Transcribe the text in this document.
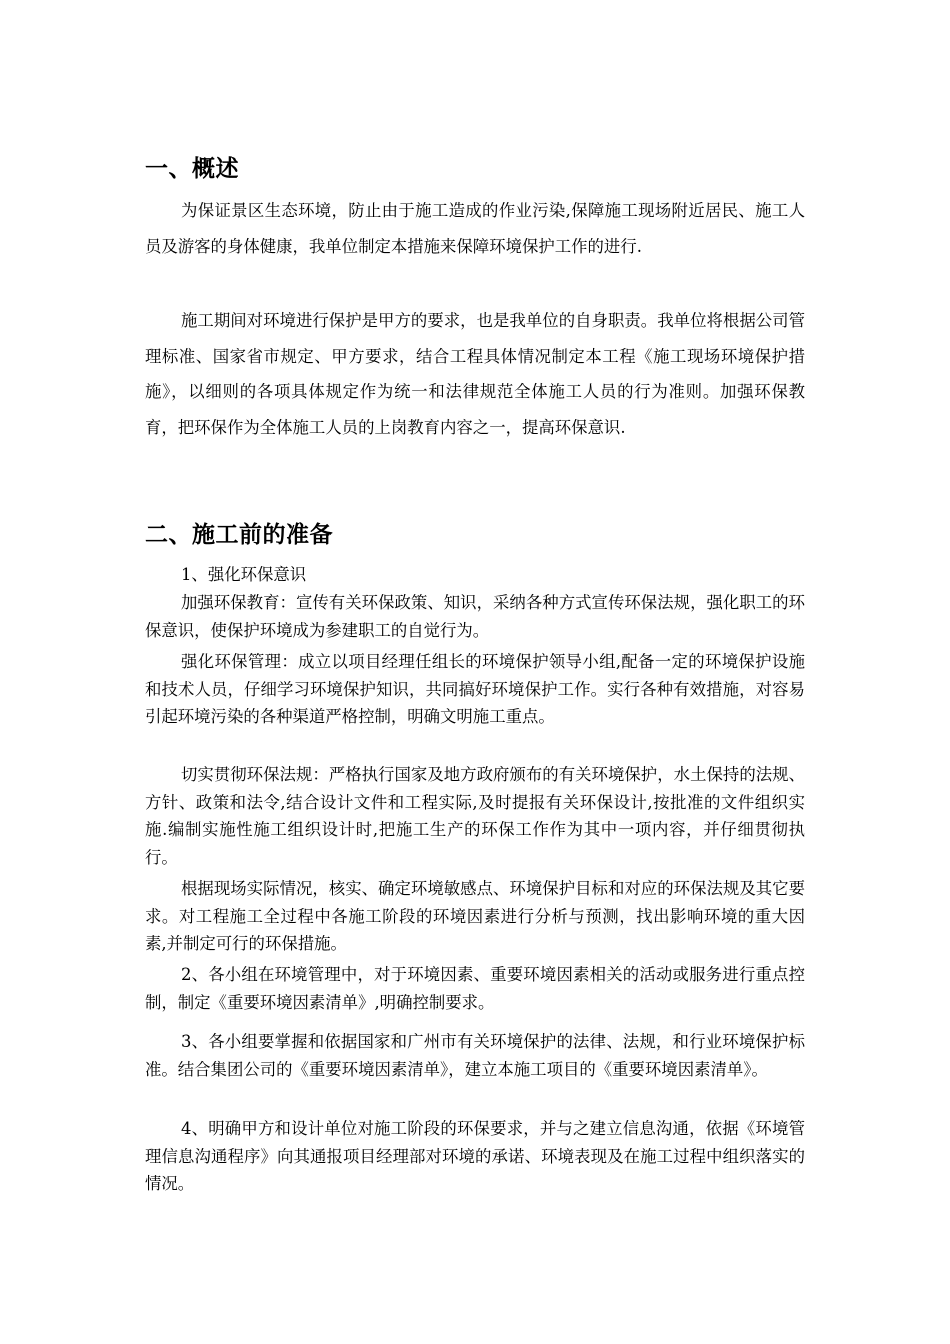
一、概述

为保证景区生态环境，防止由于施工造成的作业污染,保障施工现场附近居民、施工人员及游客的身体健康，我单位制定本措施来保障环境保护工作的进行.

施工期间对环境进行保护是甲方的要求，也是我单位的自身职责。我单位将根据公司管理标准、国家省市规定、甲方要求，结合工程具体情况制定本工程《施工现场环境保护措施》，以细则的各项具体规定作为统一和法律规范全体施工人员的行为准则。加强环保教育，把环保作为全体施工人员的上岗教育内容之一，提高环保意识.

二、施工前的准备

1、强化环保意识

加强环保教育：宣传有关环保政策、知识，采纳各种方式宣传环保法规，强化职工的环保意识，使保护环境成为参建职工的自觉行为。

强化环保管理：成立以项目经理任组长的环境保护领导小组,配备一定的环境保护设施和技术人员，仔细学习环境保护知识，共同搞好环境保护工作。实行各种有效措施，对容易引起环境污染的各种渠道严格控制，明确文明施工重点。

切实贯彻环保法规：严格执行国家及地方政府颁布的有关环境保护，水土保持的法规、方针、政策和法令,结合设计文件和工程实际,及时提报有关环保设计,按批准的文件组织实施.编制实施性施工组织设计时,把施工生产的环保工作作为其中一项内容，并仔细贯彻执行。

根据现场实际情况，核实、确定环境敏感点、环境保护目标和对应的环保法规及其它要求。对工程施工全过程中各施工阶段的环境因素进行分析与预测，找出影响环境的重大因素,并制定可行的环保措施。

2、各小组在环境管理中，对于环境因素、重要环境因素相关的活动或服务进行重点控制，制定《重要环境因素清单》,明确控制要求。

3、各小组要掌握和依据国家和广州市有关环境保护的法律、法规，和行业环境保护标准。结合集团公司的《重要环境因素清单》，建立本施工项目的《重要环境因素清单》。

4、明确甲方和设计单位对施工阶段的环保要求，并与之建立信息沟通，依据《环境管理信息沟通程序》向其通报项目经理部对环境的承诺、环境表现及在施工过程中组织落实的情况。
